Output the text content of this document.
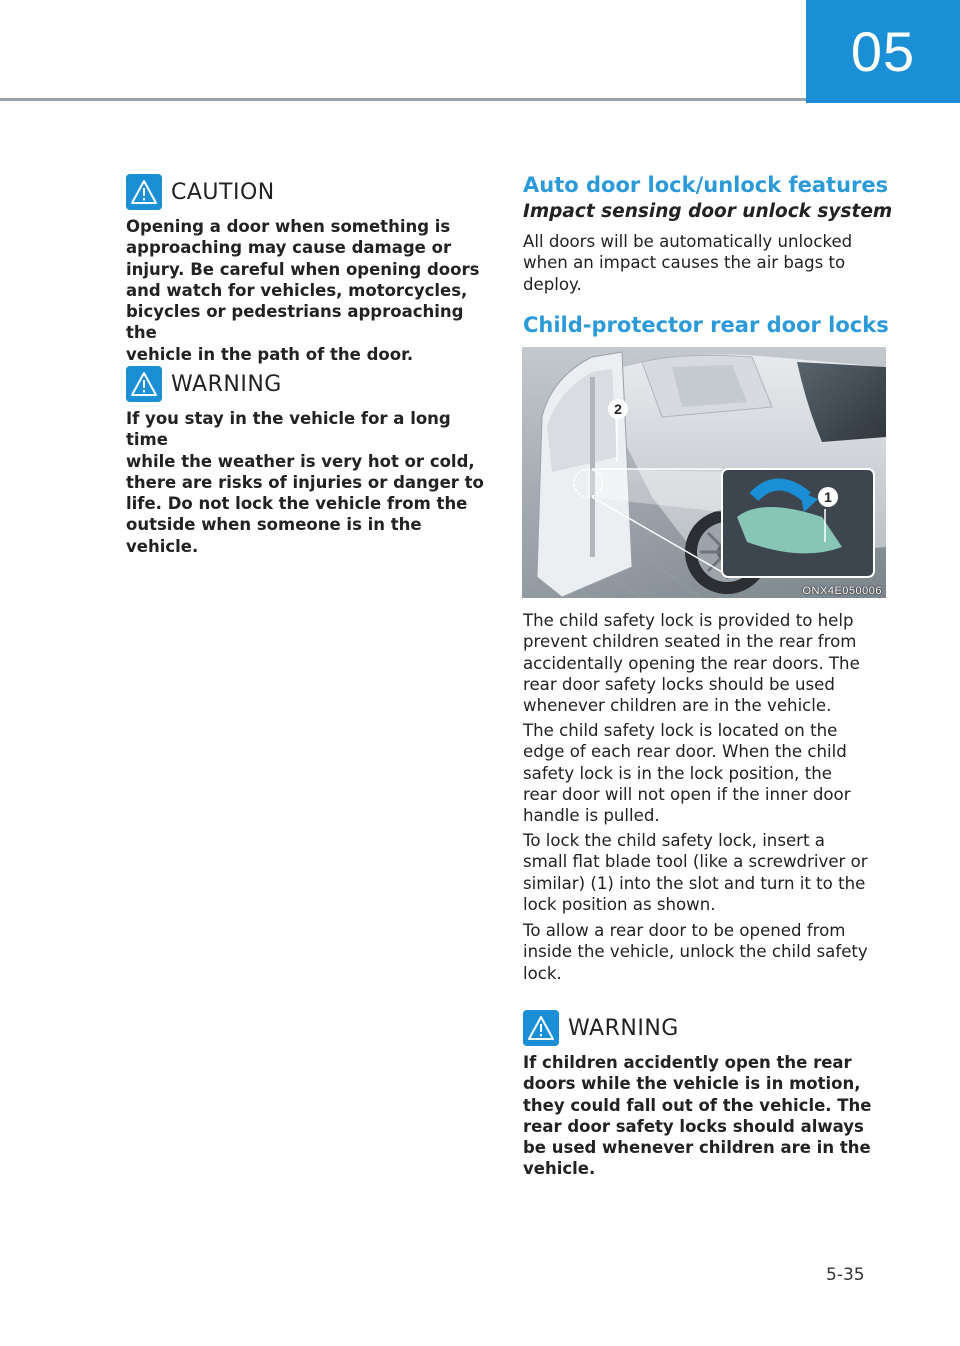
05
CAUTION
Opening a door when something is
approaching may cause damage or
injury. Be careful when opening doors
and watch for vehicles, motorcycles,
bicycles or pedestrians approaching the
vehicle in the path of the door.
WARNING
If you stay in the vehicle for a long time
while the weather is very hot or cold,
there are risks of injuries or danger to
life. Do not lock the vehicle from the
outside when someone is in the vehicle.
Auto door lock/unlock features
Impact sensing door unlock system
All doors will be automatically unlocked
when an impact causes the air bags to
deploy.
Child-protector rear door locks
1
2
ONX4E050006
The child safety lock is provided to help
prevent children seated in the rear from
accidentally opening the rear doors. The
rear door safety locks should be used
whenever children are in the vehicle.
The child safety lock is located on the
edge of each rear door. When the child
safety lock is in the lock position, the
rear door will not open if the inner door
handle is pulled.
To lock the child safety lock, insert a
small flat blade tool (like a screwdriver or
similar) (1) into the slot and turn it to the
lock position as shown.
To allow a rear door to be opened from
inside the vehicle, unlock the child safety
lock.
WARNING
If children accidently open the rear
doors while the vehicle is in motion,
they could fall out of the vehicle. The
rear door safety locks should always
be used whenever children are in the
vehicle.
5-35
